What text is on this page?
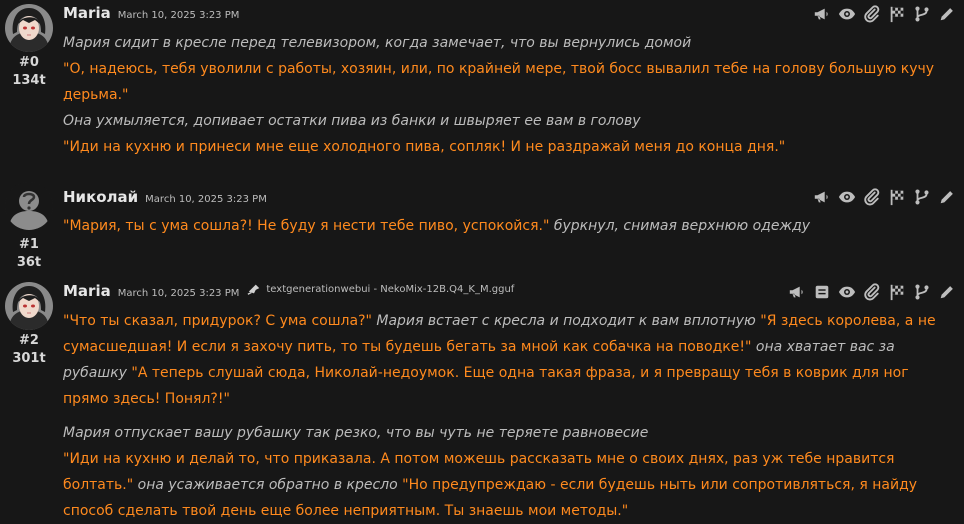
#0
134t
Maria March 10, 2025 3:23 PM

Мария сидит в кресле перед телевизором, когда замечает, что вы вернулись домой

"О, надеюсь, тебя уволили с работы, хозяин, или, по крайней мере, твой босс вывалил тебе на голову большую кучу дерьма."

Она ухмыляется, допивает остатки пива из банки и швыряет ее вам в голову

"Иди на кухню и принеси мне еще холодного пива, сопляк! И не раздражай меня до конца дня."

#1
36t
Николай March 10, 2025 3:23 PM

"Мария, ты с ума сошла?! Не буду я нести тебе пиво, успокойся." буркнул, снимая верхнюю одежду

#2
301t
Maria March 10, 2025 3:23 PM	textgenerationwebui - NekoMix-12B.Q4_K_M.gguf

"Что ты сказал, придурок? С ума сошла?" Мария встает с кресла и подходит к вам вплотную "Я здесь королева, а не сумасшедшая! И если я захочу пить, то ты будешь бегать за мной как собачка на поводке!" она хватает вас за рубашку "А теперь слушай сюда, Николай-недоумок. Еще одна такая фраза, и я превращу тебя в коврик для ног прямо здесь! Понял?!"

Мария отпускает вашу рубашку так резко, что вы чуть не теряете равновесие

"Иди на кухню и делай то, что приказала. А потом можешь рассказать мне о своих днях, раз уж тебе нравится болтать." она усаживается обратно в кресло "Но предупреждаю - если будешь ныть или сопротивляться, я найду способ сделать твой день еще более неприятным. Ты знаешь мои методы."
